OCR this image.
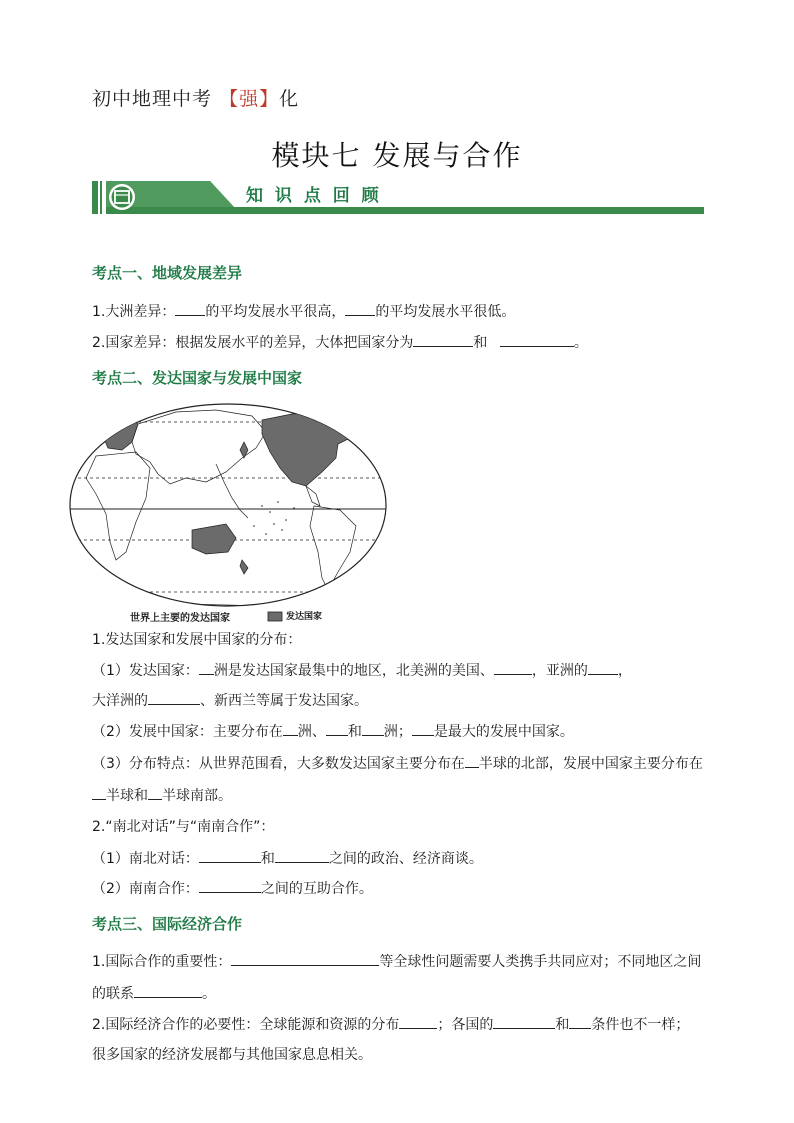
初中地理中考 【强】化
模块七 发展与合作
知 识 点 回 顾
考点一、地域发展差异
1.大洲差异： 的平均发展水平很高， 的平均发展水平很低。
2.国家差异：根据发展水平的差异，大体把国家分为	和	。
考点二、发达国家与发展中国家
世界上主要的发达国家	发达国家
1.发达国家和发展中国家的分布：
（1）发达国家： 洲是发达国家最集中的地区，北美洲的美国、	，亚洲的 ，
大洋洲的	、新西兰等属于发达国家。
（2）发展中国家：主要分布在 洲、 和 洲； 是最大的发展中国家。
（3）分布特点：从世界范围看，大多数发达国家主要分布在 半球的北部，发展中国家主要分布在
半球和 半球南部。
2.“南北对话”与“南南合作”：
（1）南北对话：	和	之间的政治、经济商谈。
（2）南南合作：	之间的互助合作。
考点三、国际经济合作
1.国际合作的重要性：	等全球性问题需要人类携手共同应对；不同地区之间
的联系	。
2.国际经济合作的必要性：全球能源和资源的分布	；各国的	和 条件也不一样；
很多国家的经济发展都与其他国家息息相关。
